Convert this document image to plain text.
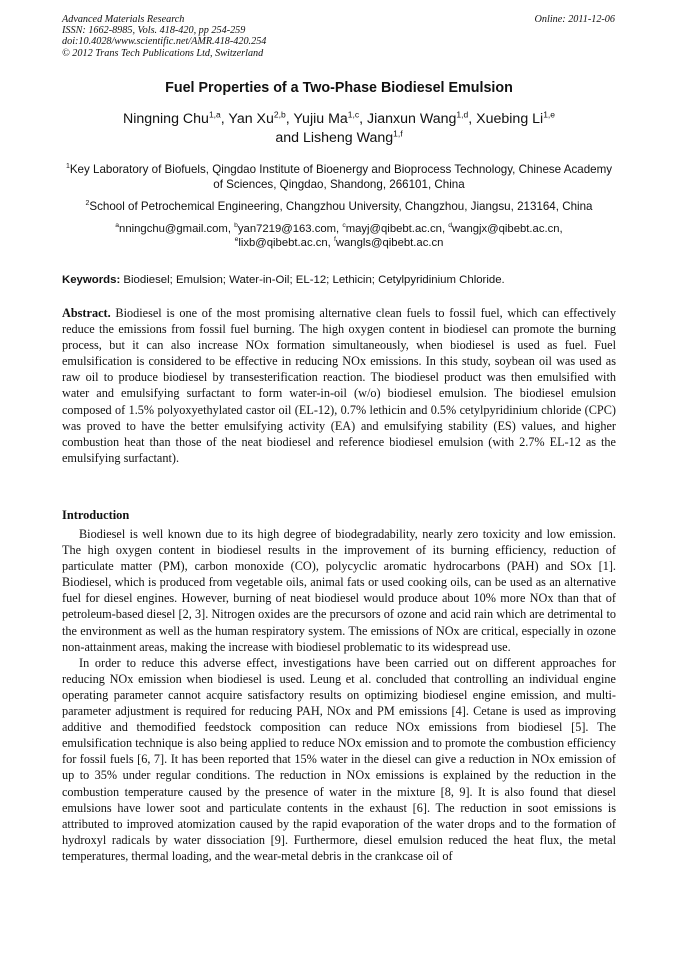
Advanced Materials Research
ISSN: 1662-8985, Vols. 418-420, pp 254-259
doi:10.4028/www.scientific.net/AMR.418-420.254
© 2012 Trans Tech Publications Ltd, Switzerland
Online: 2011-12-06
Fuel Properties of a Two-Phase Biodiesel Emulsion
Ningning Chu$^{1,a}$, Yan Xu$^{2,b}$, Yujiu Ma$^{1,c}$, Jianxun Wang$^{1,d}$, Xuebing Li$^{1,e}$
and Lisheng Wang$^{1,f}$
$^1$Key Laboratory of Biofuels, Qingdao Institute of Bioenergy and Bioprocess Technology, Chinese Academy of Sciences, Qingdao, Shandong, 266101, China
$^2$School of Petrochemical Engineering, Changzhou University, Changzhou, Jiangsu, 213164, China
$^a$nningchu@gmail.com, $^b$yan7219@163.com, $^c$mayj@qibebt.ac.cn, $^d$wangjx@qibebt.ac.cn,
$^e$lixb@qibebt.ac.cn, $^f$wangls@qibebt.ac.cn
Keywords: Biodiesel; Emulsion; Water-in-Oil; EL-12; Lethicin; Cetylpyridinium Chloride.
Abstract. Biodiesel is one of the most promising alternative clean fuels to fossil fuel, which can effectively reduce the emissions from fossil fuel burning. The high oxygen content in biodiesel can promote the burning process, but it can also increase NOx formation simultaneously, when biodiesel is used as fuel. Fuel emulsification is considered to be effective in reducing NOx emissions. In this study, soybean oil was used as raw oil to produce biodiesel by transesterification reaction. The biodiesel product was then emulsified with water and emulsifying surfactant to form water-in-oil (w/o) biodiesel emulsion. The biodiesel emulsion composed of 1.5% polyoxyethylated castor oil (EL-12), 0.7% lethicin and 0.5% cetylpyridinium chloride (CPC) was proved to have the better emulsifying activity (EA) and emulsifying stability (ES) values, and higher combustion heat than those of the neat biodiesel and reference biodiesel emulsion (with 2.7% EL-12 as the emulsifying surfactant).
Introduction

Biodiesel is well known due to its high degree of biodegradability, nearly zero toxicity and low emission. The high oxygen content in biodiesel results in the improvement of its burning efficiency, reduction of particulate matter (PM), carbon monoxide (CO), polycyclic aromatic hydrocarbons (PAH) and SOx [1]. Biodiesel, which is produced from vegetable oils, animal fats or used cooking oils, can be used as an alternative fuel for diesel engines. However, burning of neat biodiesel would produce about 10% more NOx than that of petroleum-based diesel [2, 3]. Nitrogen oxides are the precursors of ozone and acid rain which are detrimental to the environment as well as the human respiratory system. The emissions of NOx are critical, especially in ozone non-attainment areas, making the increase with biodiesel problematic to its widespread use.

In order to reduce this adverse effect, investigations have been carried out on different approaches for reducing NOx emission when biodiesel is used. Leung et al. concluded that controlling an individual engine operating parameter cannot acquire satisfactory results on optimizing biodiesel engine emission, and multi-parameter adjustment is required for reducing PAH, NOx and PM emissions [4]. Cetane is used as improving additive and themodified feedstock composition can reduce NOx emissions from biodiesel [5]. The emulsification technique is also being applied to reduce NOx emission and to promote the combustion efficiency for fossil fuels [6, 7]. It has been reported that 15% water in the diesel can give a reduction in NOx emission of up to 35% under regular conditions. The reduction in NOx emissions is explained by the reduction in the combustion temperature caused by the presence of water in the mixture [8, 9]. It is also found that diesel emulsions have lower soot and particulate contents in the exhaust [6]. The reduction in soot emissions is attributed to improved atomization caused by the rapid evaporation of the water drops and to the formation of hydroxyl radicals by water dissociation [9]. Furthermore, diesel emulsion reduced the heat flux, the metal temperatures, thermal loading, and the wear-metal debris in the crankcase oil of
